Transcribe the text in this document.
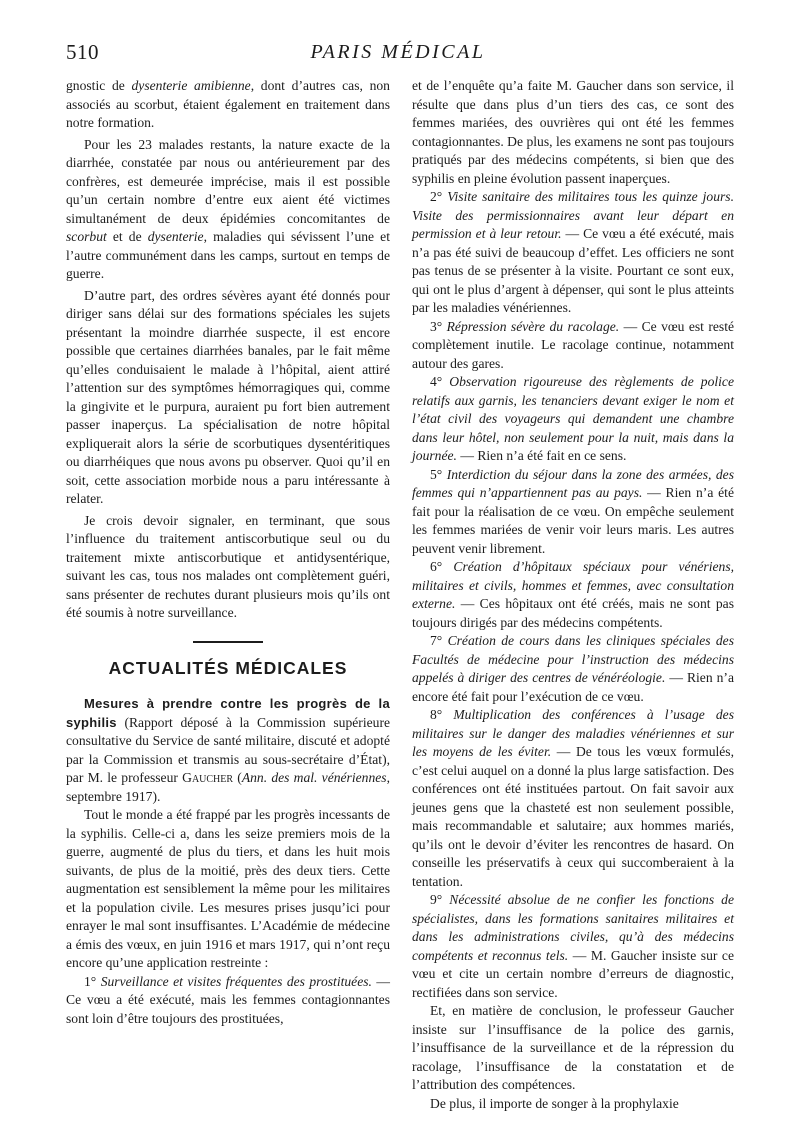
510	PARIS MÉDICAL

gnostic de dysenterie amibienne, dont d’autres cas, non associés au scorbut, étaient également en traitement dans notre formation.

Pour les 23 malades restants, la nature exacte de la diarrhée, constatée par nous ou antérieurement par des confrères, est demeurée imprécise, mais il est possible qu’un certain nombre d’entre eux aient été victimes simultanément de deux épidémies concomitantes de scorbut et de dysenterie, maladies qui sévissent l’une et l’autre communément dans les camps, surtout en temps de guerre.

D’autre part, des ordres sévères ayant été donnés pour diriger sans délai sur des formations spéciales les sujets présentant la moindre diarrhée suspecte, il est encore possible que certaines diarrhées banales, par le fait même qu’elles conduisaient le malade à l’hôpital, aient attiré l’attention sur des symptômes hémorragiques qui, comme la gingivite et le purpura, auraient pu fort bien autrement passer inaperçus. La spécialisation de notre hôpital expliquerait alors la série de scorbutiques dysentéritiques ou diarrhéiques que nous avons pu observer. Quoi qu’il en soit, cette association morbide nous a paru intéressante à relater.

Je crois devoir signaler, en terminant, que sous l’influence du traitement antiscorbutique seul ou du traitement mixte antiscorbutique et antidysentérique, suivant les cas, tous nos malades ont complètement guéri, sans présenter de rechutes durant plusieurs mois qu’ils ont été soumis à notre surveillance.

ACTUALITÉS MÉDICALES

Mesures à prendre contre les progrès de la syphilis (Rapport déposé à la Commission supérieure consultative du Service de santé militaire, discuté et adopté par la Commission et transmis au sous-secrétaire d’État), par M. le professeur Gaucher (Ann. des mal. vénériennes, septembre 1917).

Tout le monde a été frappé par les progrès incessants de la syphilis. Celle-ci a, dans les seize premiers mois de la guerre, augmenté de plus du tiers, et dans les huit mois suivants, de plus de la moitié, près des deux tiers. Cette augmentation est sensiblement la même pour les militaires et la population civile. Les mesures prises jusqu’ici pour enrayer le mal sont insuffisantes. L’Académie de médecine a émis des vœux, en juin 1916 et mars 1917, qui n’ont reçu encore qu’une application restreinte :

1° Surveillance et visites fréquentes des prostituées. — Ce vœu a été exécuté, mais les femmes contagionnantes sont loin d’être toujours des prostituées,

et de l’enquête qu’a faite M. Gaucher dans son service, il résulte que dans plus d’un tiers des cas, ce sont des femmes mariées, des ouvrières qui ont été les femmes contagionnantes. De plus, les examens ne sont pas toujours pratiqués par des médecins compétents, si bien que des syphilis en pleine évolution passent inaperçues.

2° Visite sanitaire des militaires tous les quinze jours. Visite des permissionnaires avant leur départ en permission et à leur retour. — Ce vœu a été exécuté, mais n’a pas été suivi de beaucoup d’effet. Les officiers ne sont pas tenus de se présenter à la visite. Pourtant ce sont eux, qui ont le plus d’argent à dépenser, qui sont le plus atteints par les maladies vénériennes.

3° Répression sévère du racolage. — Ce vœu est resté complètement inutile. Le racolage continue, notamment autour des gares.

4° Observation rigoureuse des règlements de police relatifs aux garnis, les tenanciers devant exiger le nom et l’état civil des voyageurs qui demandent une chambre dans leur hôtel, non seulement pour la nuit, mais dans la journée. — Rien n’a été fait en ce sens.

5° Interdiction du séjour dans la zone des armées, des femmes qui n’appartiennent pas au pays. — Rien n’a été fait pour la réalisation de ce vœu. On empêche seulement les femmes mariées de venir voir leurs maris. Les autres peuvent venir librement.

6° Création d’hôpitaux spéciaux pour vénériens, militaires et civils, hommes et femmes, avec consultation externe. — Ces hôpitaux ont été créés, mais ne sont pas toujours dirigés par des médecins compétents.

7° Création de cours dans les cliniques spéciales des Facultés de médecine pour l’instruction des médecins appelés à diriger des centres de vénéréologie. — Rien n’a encore été fait pour l’exécution de ce vœu.

8° Multiplication des conférences à l’usage des militaires sur le danger des maladies vénériennes et sur les moyens de les éviter. — De tous les vœux formulés, c’est celui auquel on a donné la plus large satisfaction. Des conférences ont été instituées partout. On fait savoir aux jeunes gens que la chasteté est non seulement possible, mais recommandable et salutaire; aux hommes mariés, qu’ils ont le devoir d’éviter les rencontres de hasard. On conseille les préservatifs à ceux qui succomberaient à la tentation.

9° Nécessité absolue de ne confier les fonctions de spécialistes, dans les formations sanitaires militaires et dans les administrations civiles, qu’à des médecins compétents et reconnus tels. — M. Gaucher insiste sur ce vœu et cite un certain nombre d’erreurs de diagnostic, rectifiées dans son service.

Et, en matière de conclusion, le professeur Gaucher insiste sur l’insuffisance de la police des garnis, l’insuffisance de la surveillance et de la répression du racolage, l’insuffisance de la constatation et de l’attribution des compétences.

De plus, il importe de songer à la prophylaxie
